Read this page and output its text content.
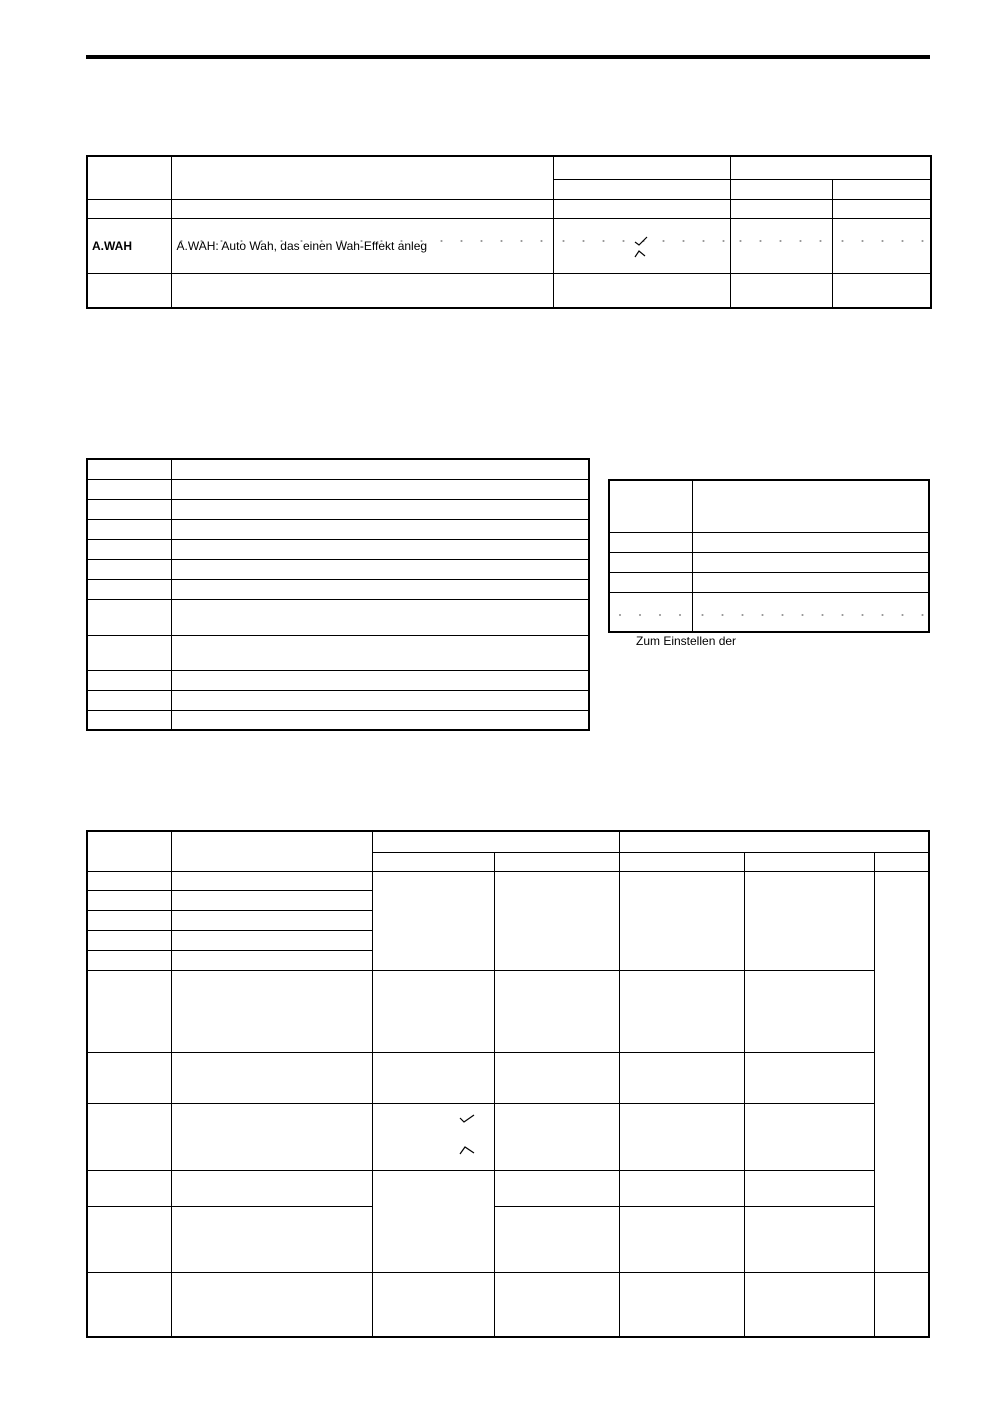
A.WAH	A.WAH: Auto Wah, das einen Wah-Effekt anleg	

Zum Einstellen der
